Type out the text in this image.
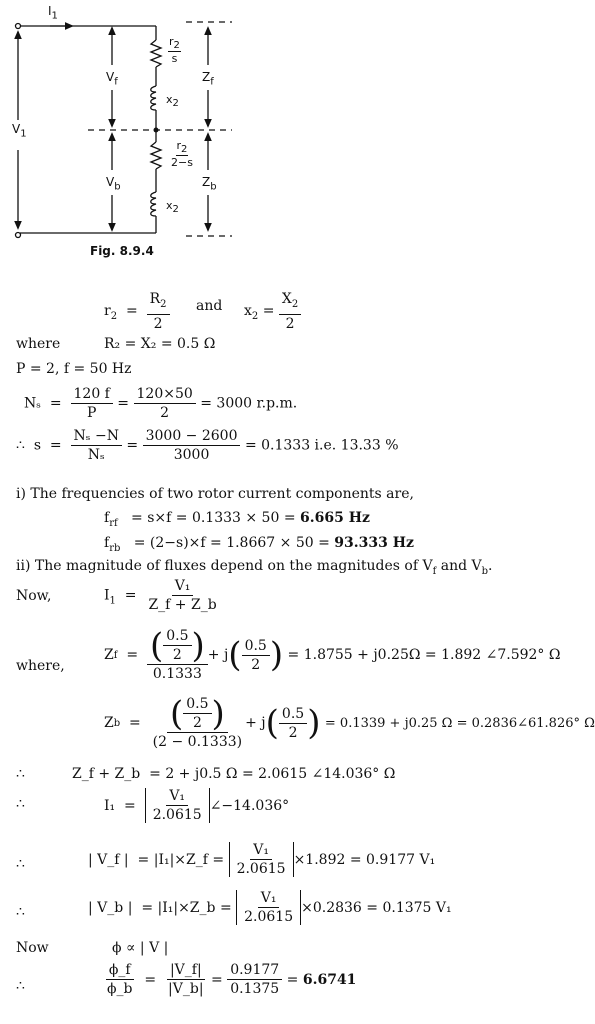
$I_1$
$V_1$
$V_f$
$V_b$
$Z_f$
$Z_b$
$\frac{r_2}{s}$
$x_2$
$\frac{r_2}{2-s}$
$x_2$
Fig. 8.9.4
$r_2 = \frac{R_2}{2}$ and $x_2 = \frac{X_2}{2}$
where	R₂ = X₂ = 0.5 Ω
P = 2, f = 50 Hz
$N_s = \frac{120 f}{P} = \frac{120\times 50}{2} = 3000$ r.p.m.
∴ $s = \frac{\text{Nₛ −N}}{\text{Nₛ}} = \frac{3000 - 2600}{3000} = 0.1333$ i.e. 13.33 %
i) The frequencies of two rotor current components are,
$f_{rf} = s\times f = 0.1333 \times 50 = 6.665$ Hz
$f_{rb} = (2-s)\times f = 1.8667 \times 50 = 93.333$ Hz
ii) The magnitude of fluxes depend on the magnitudes of $V_f$ and $V_b$.
Now,	$I_1 = \frac{\text{V₁}}{Z\_f + Z\_b}$
where,
Z $f = \frac{( \frac{0.5}{2} )}{0.1333} + j$ ( $\frac{0.5}{2}$ )
= 1.8755 + j0.25Ω = 1.892 ∠7.592° Ω
Z $b = \frac{( \frac{0.5}{2} )}{(2 - 0.1333)} + j$ ( $\frac{0.5}{2}$ )
= 0.1339 + j0.25 Ω = 0.2836∠61.826° Ω
∴	Z_f + Z_b = 2 + j0.5 Ω = 2.0615 ∠14.036° Ω
∴	$I_1 = \frac{\text{V₁}}{2.0615}$ ∠−14.036°
∴	| V_f |
= |I₁|×Z_f =
$\frac{\text{V₁}}{2.0615} \times 1.892 = 0.9177$ V₁
∴	| V_b |
= |I₁|×Z_b =
$\frac{\text{V₁}}{2.0615} \times 0.2836 = 0.1375$ V₁
Now	ϕ ∝ | V |
∴	$\frac{\phi\_f}{\phi\_b} = \frac{|V\_f|}{|V\_b|} = \frac{0.9177}{0.1375} = 6.6741$
